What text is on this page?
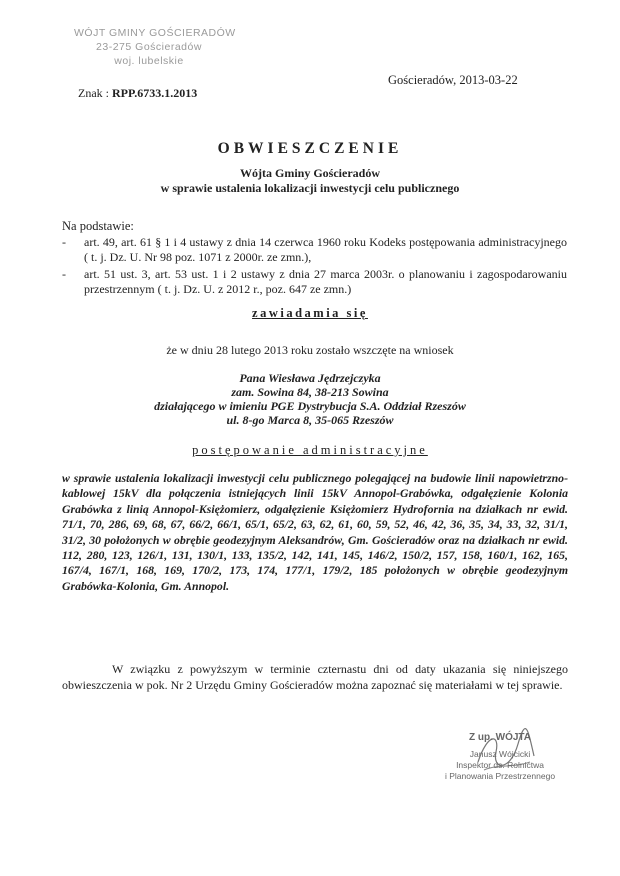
WÓJT GMINY GOŚCIERADÓW
23-275 Gościeradów
woj. lubelskie
Gościeradów, 2013-03-22
Znak : RPP.6733.1.2013
OBWIESZCZENIE
Wójta Gminy Gościeradów
w sprawie ustalenia lokalizacji inwestycji celu publicznego
Na podstawie:
- art. 49, art. 61 § 1 i 4 ustawy z dnia 14 czerwca 1960 roku Kodeks postępowania administracyjnego ( t. j. Dz. U. Nr 98 poz. 1071 z 2000r. ze zmn.),
- art. 51 ust. 3, art. 53 ust. 1 i 2 ustawy z dnia 27 marca 2003r. o planowaniu i zagospodarowaniu przestrzennym ( t. j. Dz. U. z 2012 r., poz. 647 ze zmn.)
zawiadamia się
że w dniu 28 lutego 2013 roku zostało wszczęte na wniosek
Pana Wiesława Jędrzejczyka
zam. Sowina 84, 38-213 Sowina
działającego w imieniu PGE Dystrybucja S.A. Oddział Rzeszów
ul. 8-go Marca 8, 35-065 Rzeszów
postępowanie administracyjne
w sprawie ustalenia lokalizacji inwestycji celu publicznego polegającej na budowie linii napowietrzno-kablowej 15kV dla połączenia istniejących linii 15kV Annopol-Grabówka, odgałęzienie Kolonia Grabówka z linią Annopol-Księżomierz, odgałęzienie Księżomierz Hydrofornia na działkach nr ewid. 71/1, 70, 286, 69, 68, 67, 66/2, 66/1, 65/1, 65/2, 63, 62, 61, 60, 59, 52, 46, 42, 36, 35, 34, 33, 32, 31/1, 31/2, 30 położonych w obrębie geodezyjnym Aleksandrów, Gm. Gościeradów oraz na działkach nr ewid. 112, 280, 123, 126/1, 131, 130/1, 133, 135/2, 142, 141, 145, 146/2, 150/2, 157, 158, 160/1, 162, 165, 167/4, 167/1, 168, 169, 170/2, 173, 174, 177/1, 179/2, 185 położonych w obrębie geodezyjnym Grabówka-Kolonia, Gm. Annopol.
W związku z powyższym w terminie czternastu dni od daty ukazania się niniejszego obwieszczenia w pok. Nr 2 Urzędu Gminy Gościeradów można zapoznać się materiałami w tej sprawie.
Z up. WÓJTA
Janusz Wójcicki
Inspektor ds. Rolnictwa
i Planowania Przestrzennego
